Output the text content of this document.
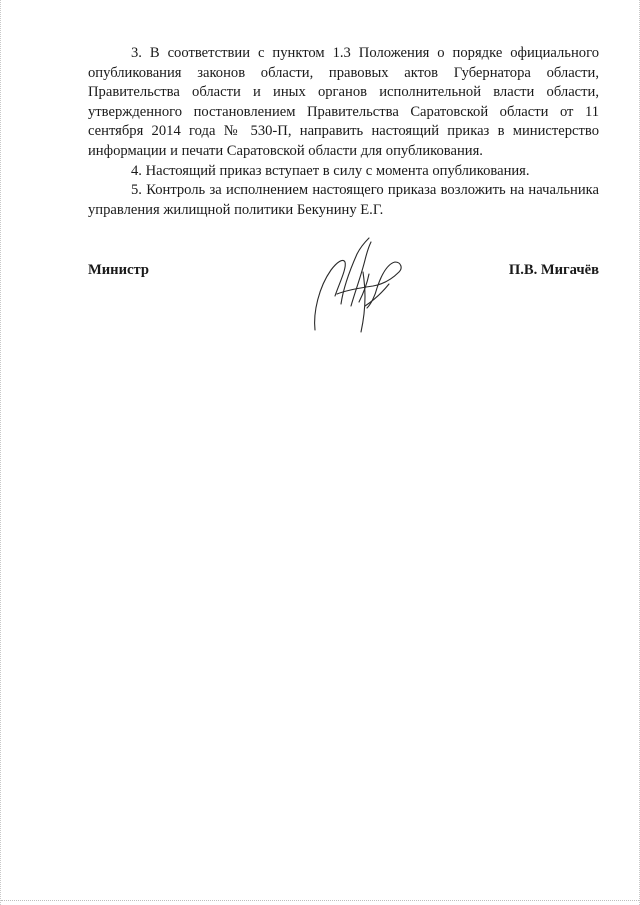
3. В соответствии с пунктом 1.3 Положения о порядке официального опубликования законов области, правовых актов Губернатора области, Правительства области и иных органов исполнительной власти области, утвержденного постановлением Правительства Саратовской области от 11 сентября 2014 года № 530-П, направить настоящий приказ в министерство информации и печати Саратовской области для опубликования.

4. Настоящий приказ вступает в силу с момента опубликования.

5. Контроль за исполнением настоящего приказа возложить на начальника управления жилищной политики Бекунину Е.Г.

Министр	П.В. Мигачёв
